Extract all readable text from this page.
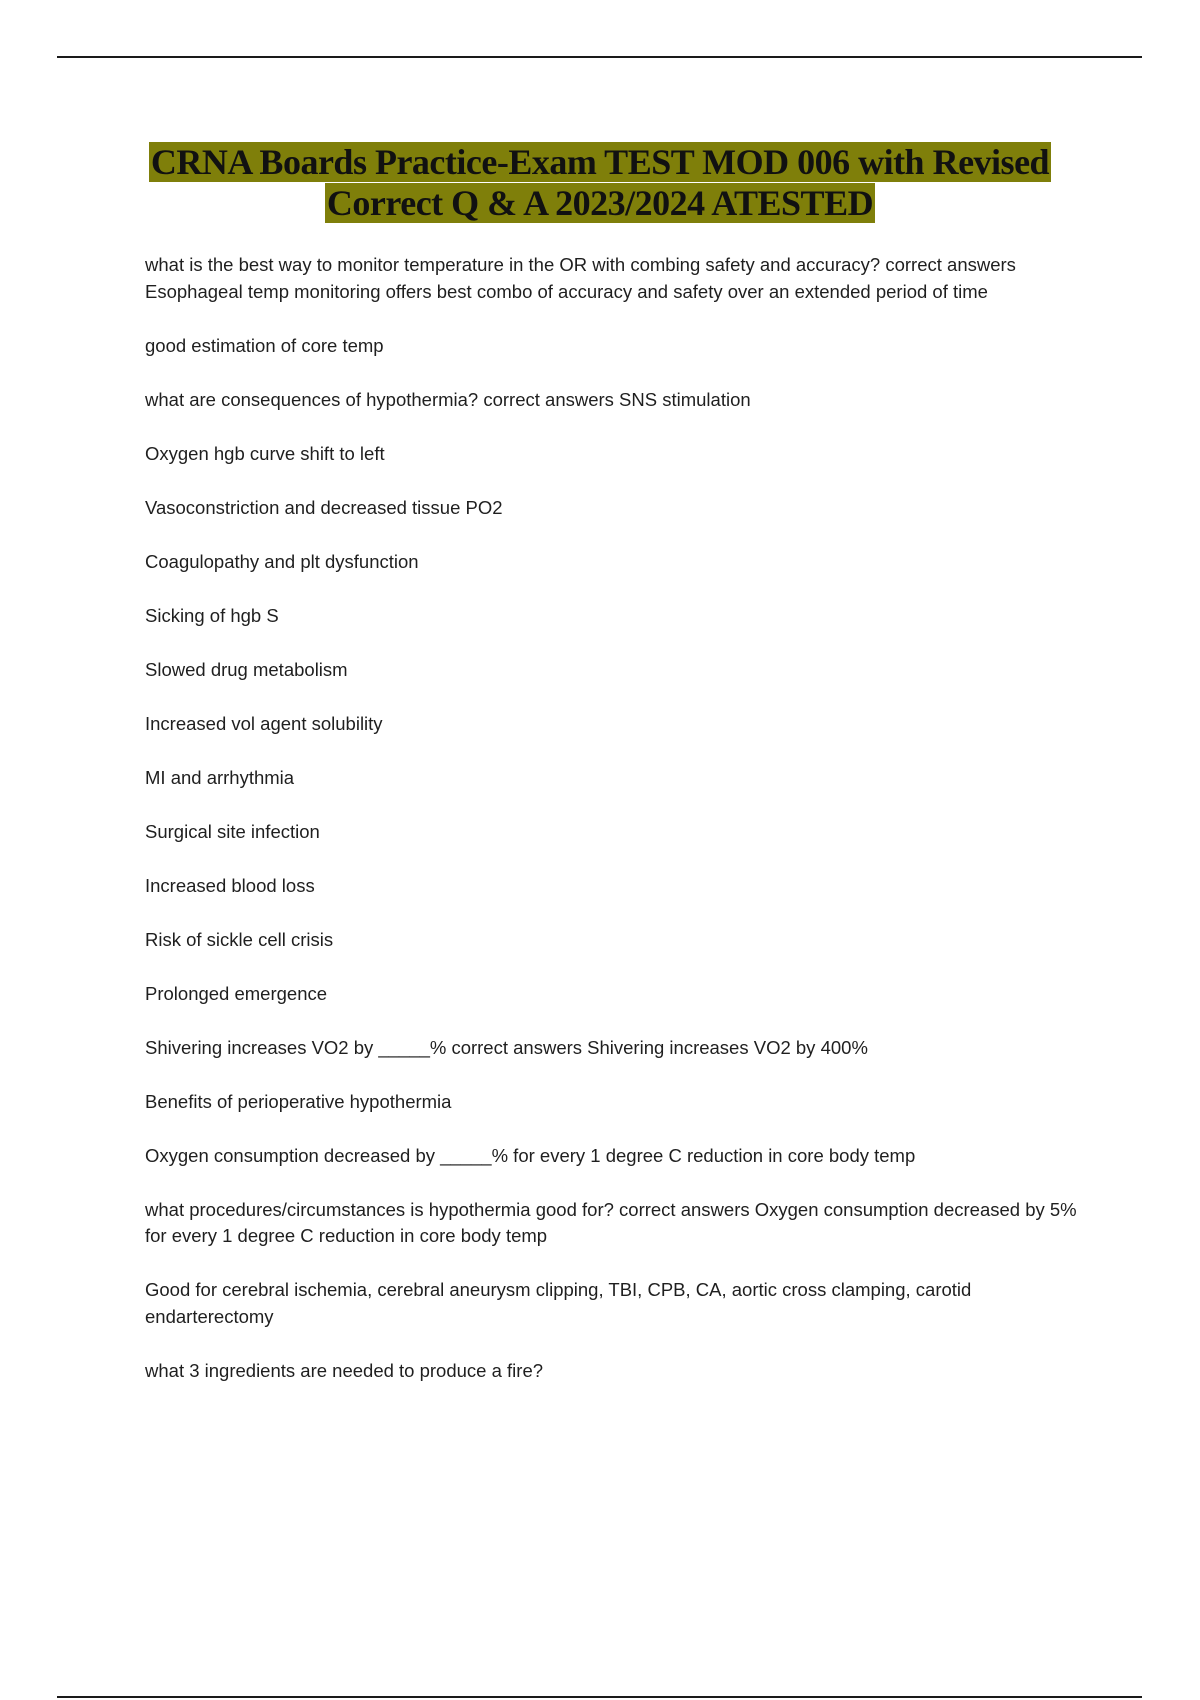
CRNA Boards Practice-Exam TEST MOD 006 with Revised Correct Q & A 2023/2024 ATESTED

what is the best way to monitor temperature in the OR with combing safety and accuracy? correct answers Esophageal temp monitoring offers best combo of accuracy and safety over an extended period of time

good estimation of core temp

what are consequences of hypothermia? correct answers SNS stimulation

Oxygen hgb curve shift to left

Vasoconstriction and decreased tissue PO2

Coagulopathy and plt dysfunction

Sicking of hgb S

Slowed drug metabolism

Increased vol agent solubility

MI and arrhythmia

Surgical site infection

Increased blood loss

Risk of sickle cell crisis

Prolonged emergence

Shivering increases VO2 by _____% correct answers Shivering increases VO2 by 400%

Benefits of perioperative hypothermia

Oxygen consumption decreased by _____% for every 1 degree C reduction in core body temp

what procedures/circumstances is hypothermia good for? correct answers Oxygen consumption decreased by 5% for every 1 degree C reduction in core body temp

Good for cerebral ischemia, cerebral aneurysm clipping, TBI, CPB, CA, aortic cross clamping, carotid endarterectomy

what 3 ingredients are needed to produce a fire?
